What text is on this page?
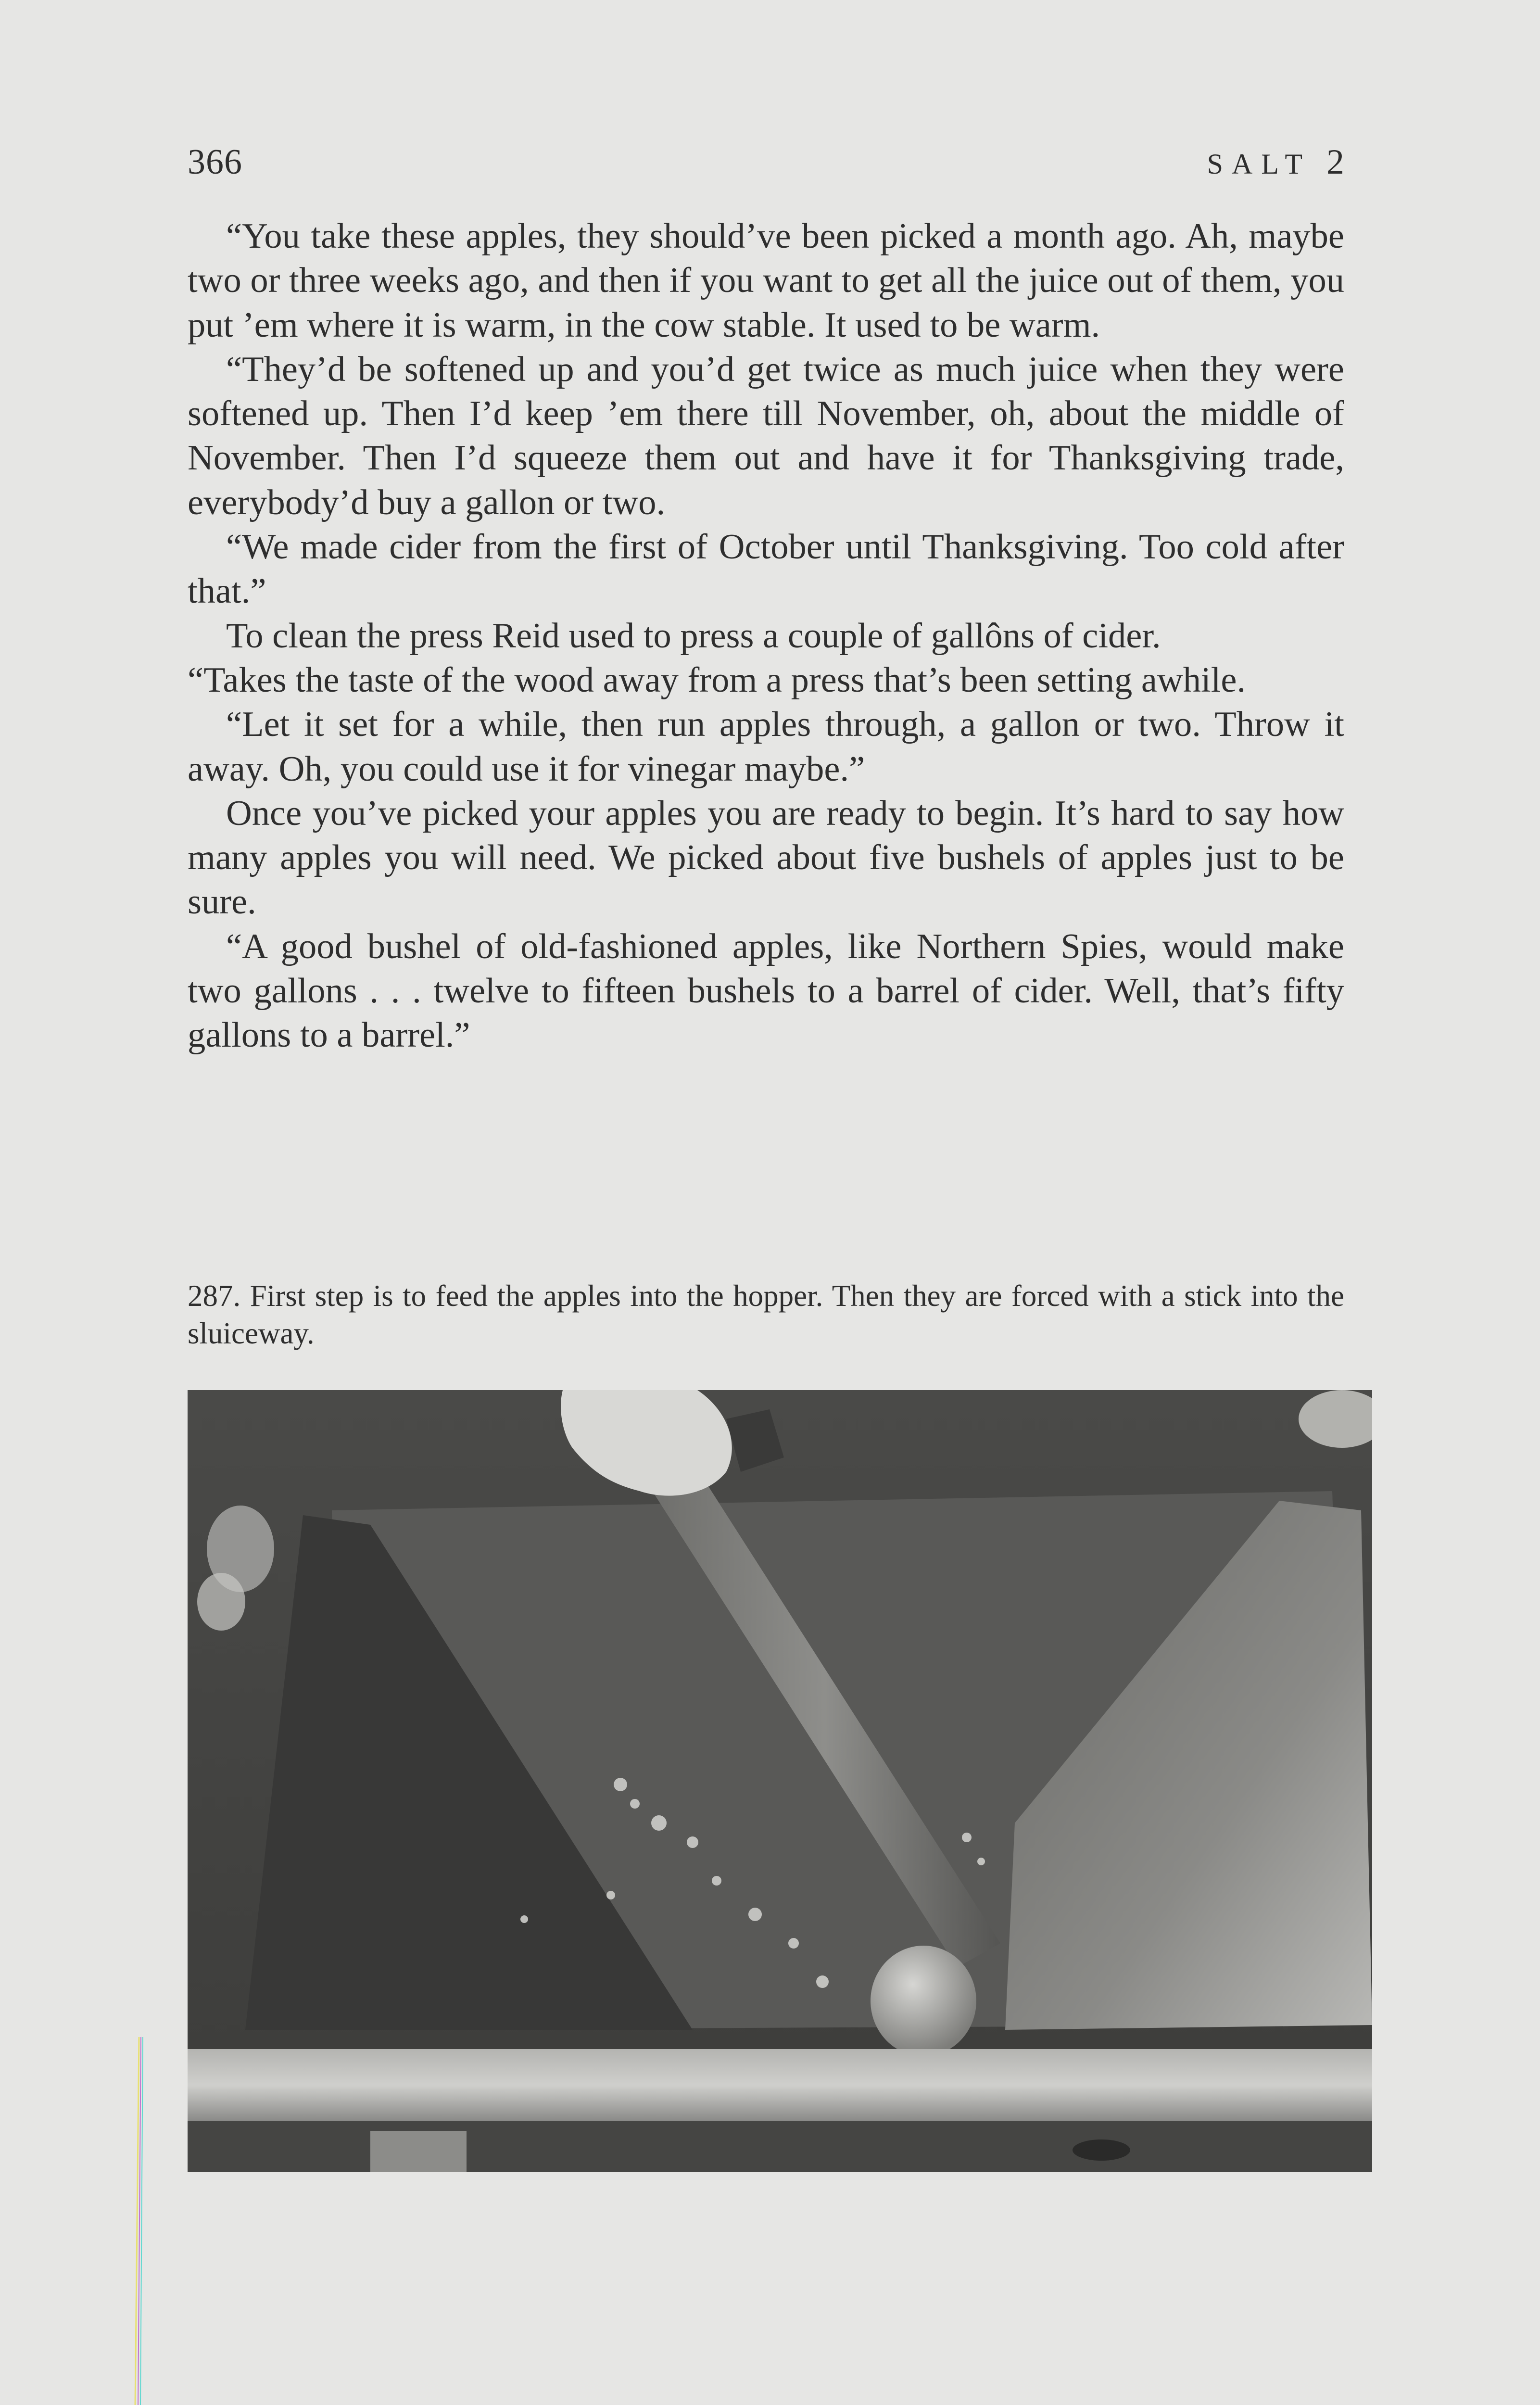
366	SALT 2

“You take these apples, they should’ve been picked a month ago. Ah, maybe two or three weeks ago, and then if you want to get all the juice out of them, you put ’em where it is warm, in the cow stable. It used to be warm.

“They’d be softened up and you’d get twice as much juice when they were softened up. Then I’d keep ’em there till November, oh, about the middle of November. Then I’d squeeze them out and have it for Thanksgiving trade, everybody’d buy a gallon or two.

“We made cider from the first of October until Thanksgiving. Too cold after that.”

To clean the press Reid used to press a couple of gallôns of cider.

“Takes the taste of the wood away from a press that’s been setting awhile.

“Let it set for a while, then run apples through, a gallon or two. Throw it away. Oh, you could use it for vinegar maybe.”

Once you’ve picked your apples you are ready to begin. It’s hard to say how many apples you will need. We picked about five bushels of apples just to be sure.

“A good bushel of old-fashioned apples, like Northern Spies, would make two gallons . . . twelve to fifteen bushels to a barrel of cider. Well, that’s fifty gallons to a barrel.”

287. First step is to feed the apples into the hopper. Then they are forced with a stick into the sluiceway.
